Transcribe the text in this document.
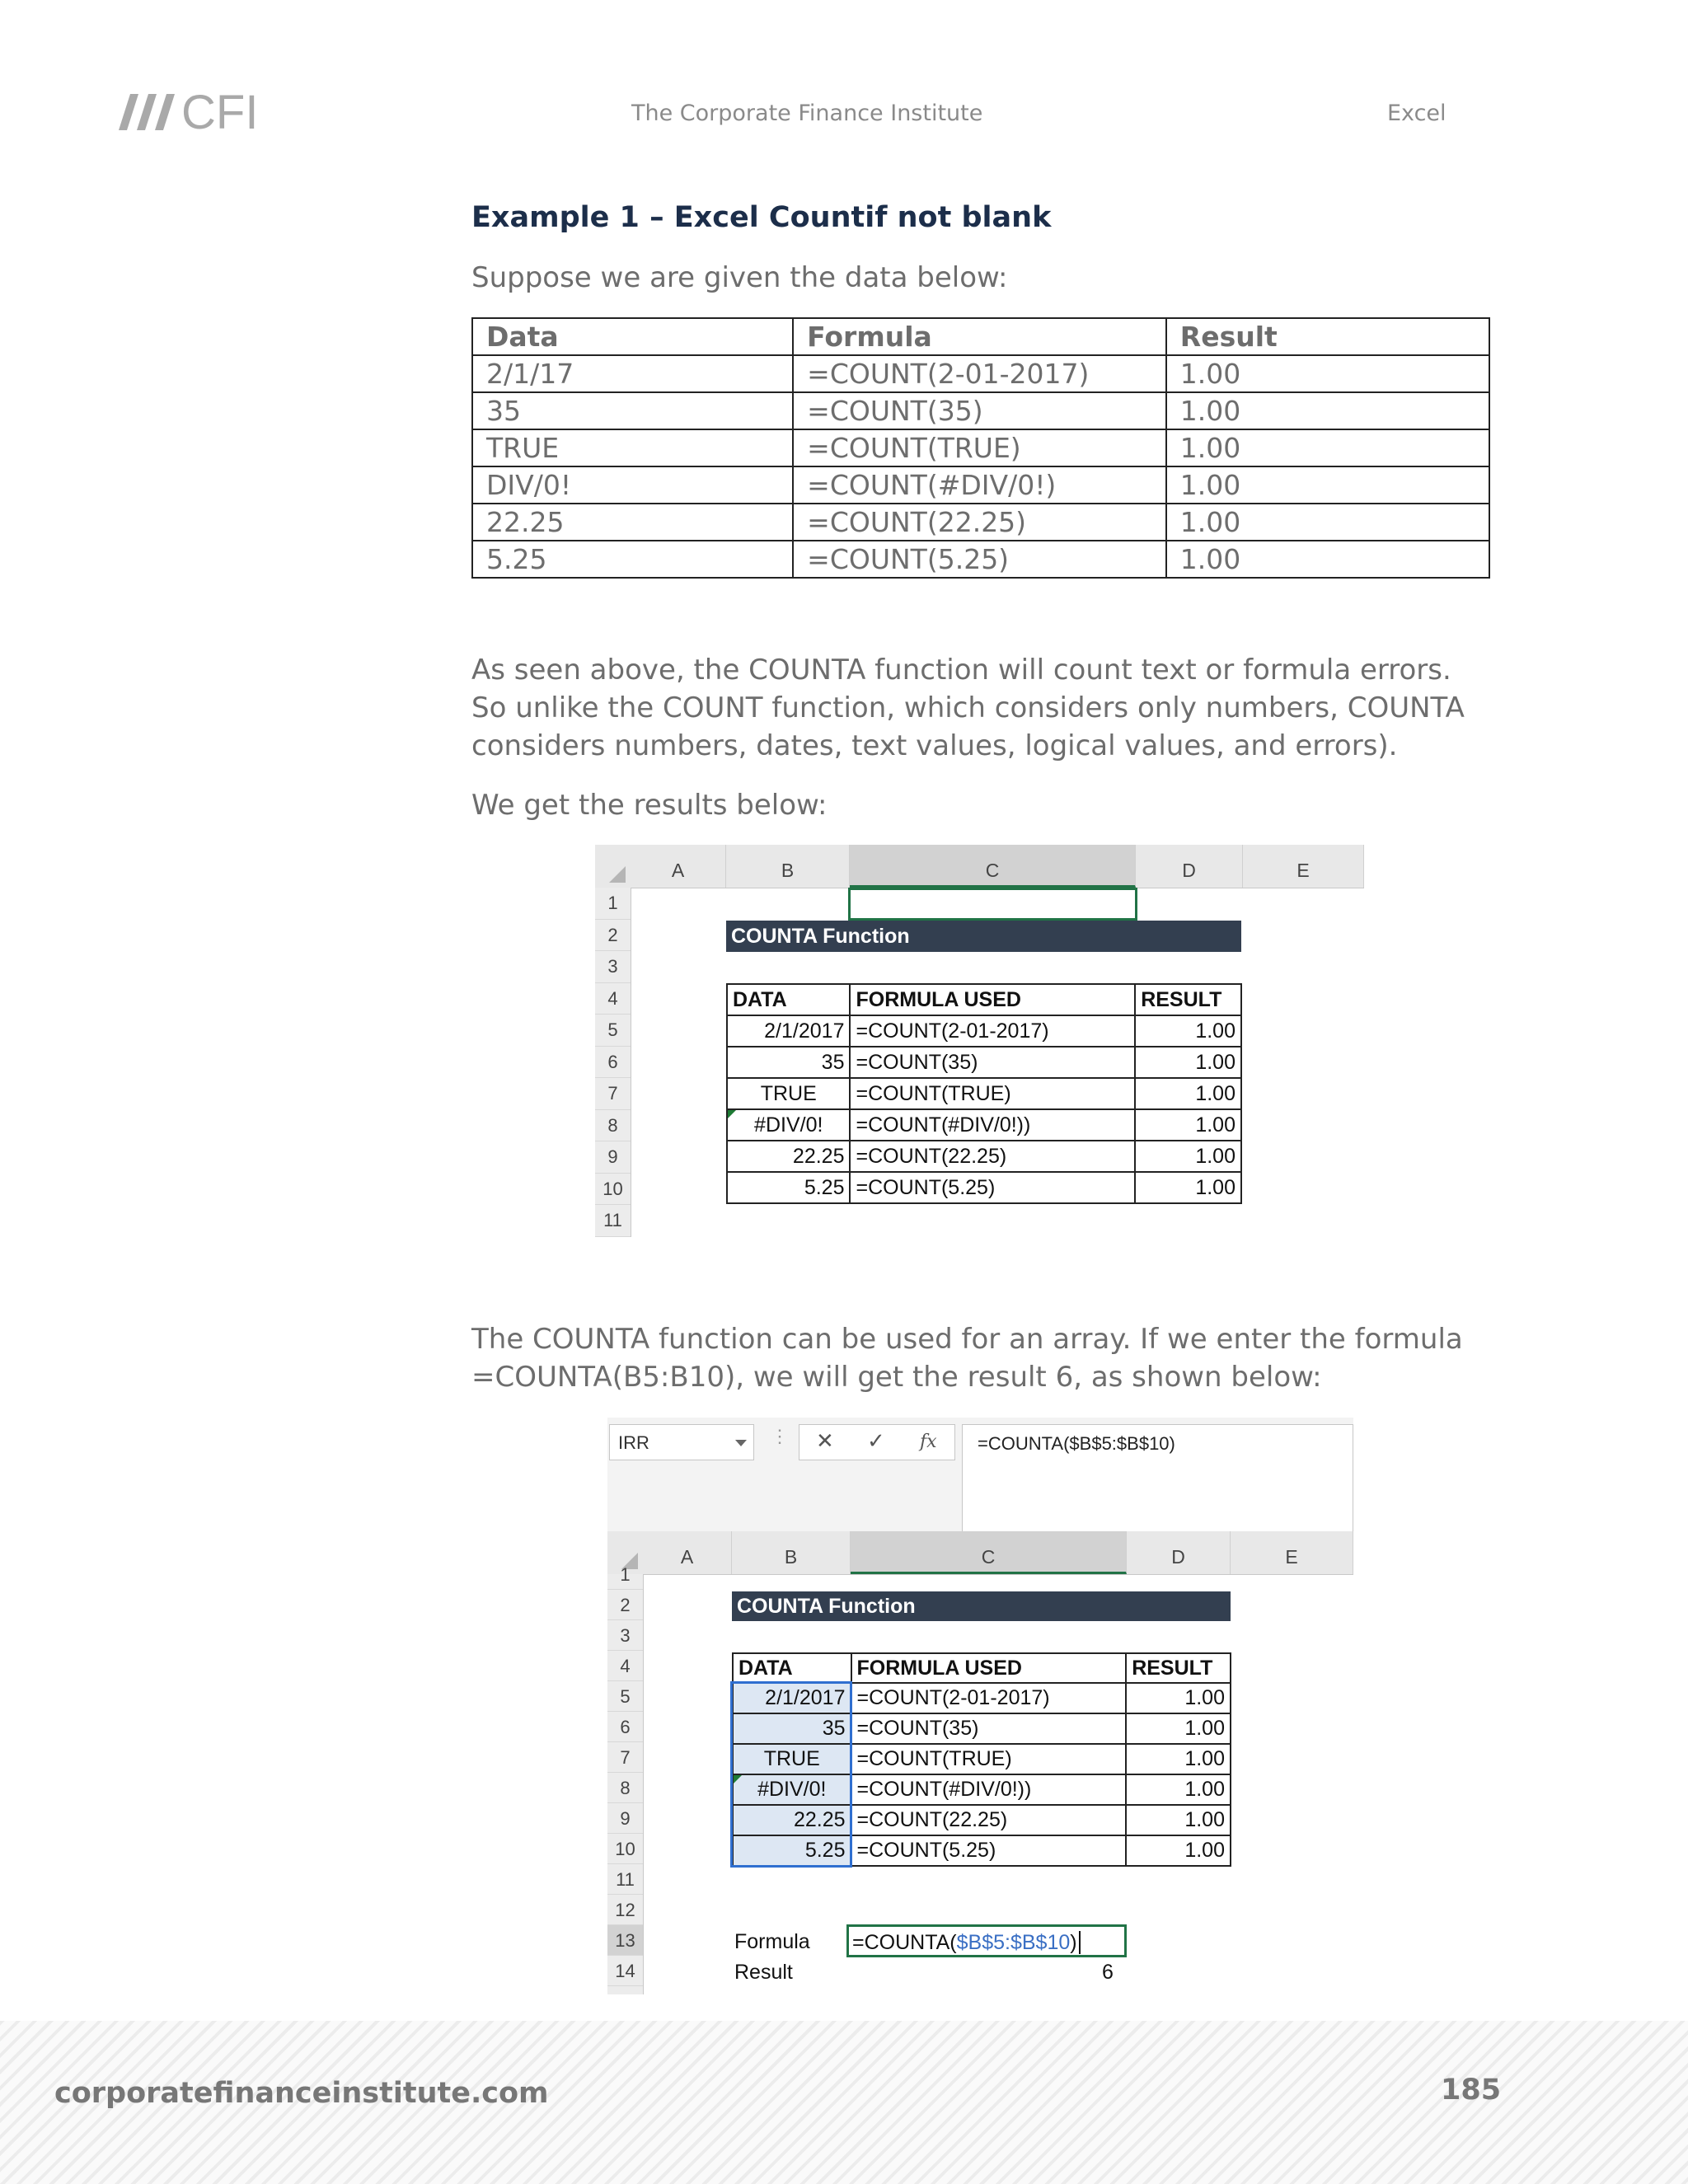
CFI	The Corporate Finance Institute	Excel
Example 1 – Excel Countif not blank
Suppose we are given the data below:
Data	Formula	Result
2/1/17	=COUNT(2-01-2017)	1.00
35	=COUNT(35)	1.00
TRUE	=COUNT(TRUE)	1.00
DIV/0!	=COUNT(#DIV/0!)	1.00
22.25	=COUNT(22.25)	1.00
5.25	=COUNT(5.25)	1.00
As seen above, the COUNTA function will count text or formula errors. So unlike the COUNT function, which considers only numbers, COUNTA considers numbers, dates, text values, logical values, and errors).
We get the results below:
A	B	C	D	E
1
2
3
4
5
6
7
8
9
10
11
COUNTA Function
DATA	FORMULA USED	RESULT
2/1/2017	=COUNT(2-01-2017)	1.00
35	=COUNT(35)	1.00
TRUE	=COUNT(TRUE)	1.00
#DIV/0!	=COUNT(#DIV/0!))	1.00
22.25	=COUNT(22.25)	1.00
5.25	=COUNT(5.25)	1.00
The COUNTA function can be used for an array. If we enter the formula =COUNTA(B5:B10), we will get the result 6, as shown below:
IRR	⋮ ✕ ✓ fx	=COUNTA($B$5:$B$10)
A	B	C	D	E
1
2
3
4
5
6
7
8
9
10
11
12
13
14
COUNTA Function
DATA	FORMULA USED	RESULT
2/1/2017	=COUNT(2-01-2017)	1.00
35	=COUNT(35)	1.00
TRUE	=COUNT(TRUE)	1.00
#DIV/0!	=COUNT(#DIV/0!))	1.00
22.25	=COUNT(22.25)	1.00
5.25	=COUNT(5.25)	1.00
Formula =COUNTA($B$5:$B$10)
Result	6
corporatefinanceinstitute.com	185
